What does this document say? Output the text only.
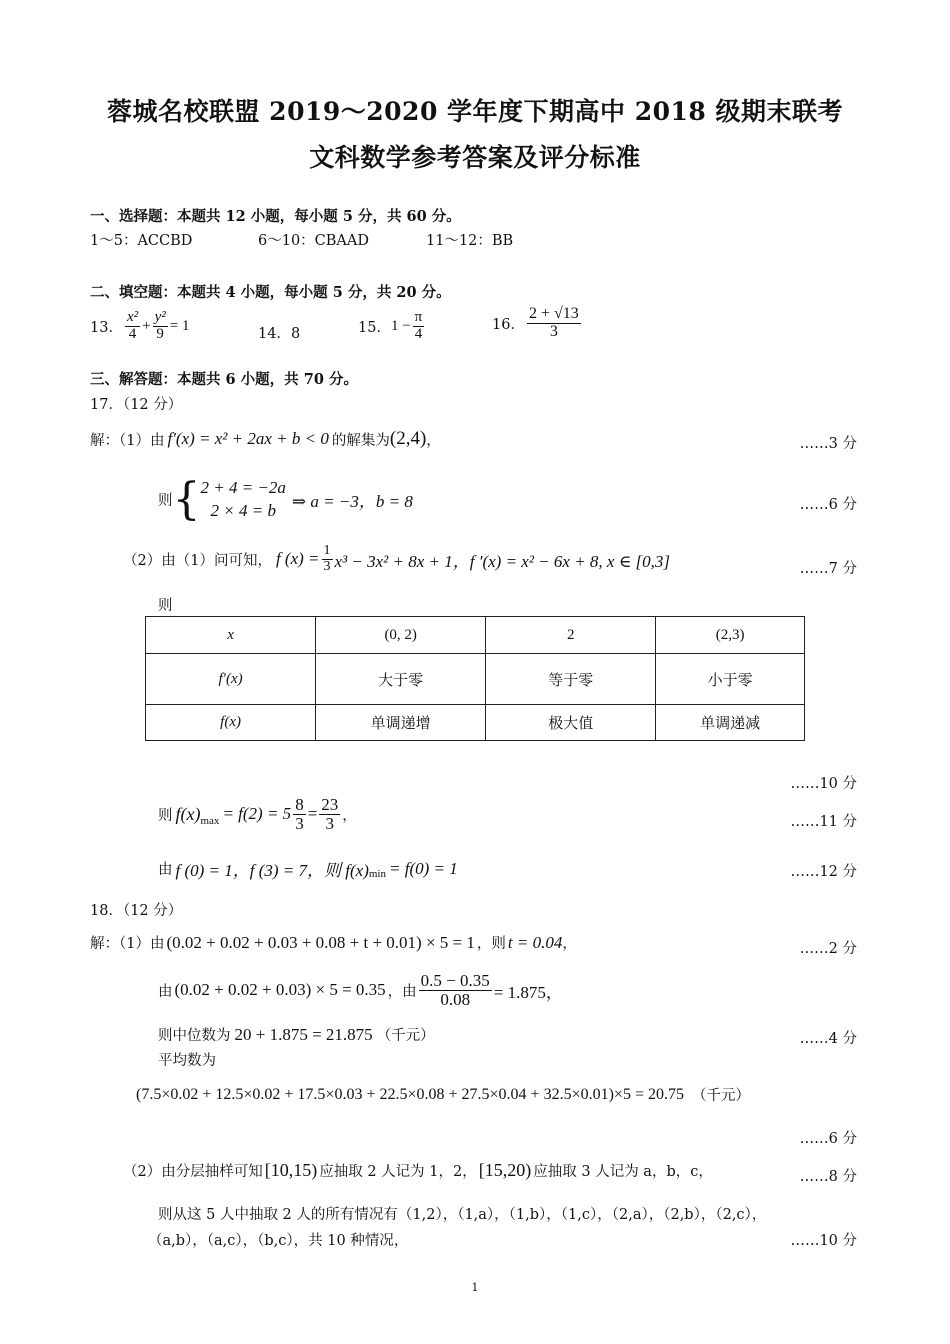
蓉城名校联盟 2019～2020 学年度下期高中 2018 级期末联考
文科数学参考答案及评分标准
一、选择题：本题共 12 小题，每小题 5 分，共 60 分。
1～5：ACCBD	6～10：CBAAD	11～12：BB
二、填空题：本题共 4 小题，每小题 5 分，共 20 分。
13． $\frac{\text{x²}}{4} + \frac{\text{y²}}{9} = 1$
14．8	15． $1 - \frac{\pi}{4}$	16． $\frac{2 + √13}{3}$
三、解答题：本题共 6 小题，共 70 分。
17．（12 分）
解：（1）由 f′(x) = x² + 2ax + b < 0 的解集为 (2,4) ，	……3 分
则 { 2 + 4 = −2a
2 × 4 = b ⇒ a = −3，b = 8	……6 分
（2）由（1）问可知， f $(x) = \frac{1}{3} x^3 - 3x^2 + 8x + 1$，f ′(x) = x² − 6x + 8, x ∈ [0,3]	……7 分
则
x	(0, 2)	2	(2,3)
f′(x)	大于零	等于零	小于零
f(x)	单调递增	极大值	单调递减
……10 分
则 f(x) $\max = f(2) = 5 \frac{8}{3} = \frac{23}{3}$ ，	……11 分
由 f (0) = 1，f (3) = 7，则 f(x) min = f(0) = 1	……12 分
18．（12 分）
解：（1）由 (0.02 + 0.02 + 0.03 + 0.08 + t + 0.01) × 5 = 1 ，则 t = 0.04 ，	……2 分
由 (0.02 + 0.02 + 0.03) × 5 = 0.35 ，由 $\frac{0.5 - 0.35}{0.08} = 1.875$，
则中位数为 20 + 1.875 = 21.875 （千元）	……4 分
平均数为
(7.5×0.02 + 12.5×0.02 + 17.5×0.03 + 22.5×0.08 + 27.5×0.04 + 32.5×0.01)×5 = 20.75 （千元）
……6 分
（2）由分层抽样可知 [10,15) 应抽取 2 人记为 1，2， [15,20) 应抽取 3 人记为 a，b，c，	……8 分
则从这 5 人中抽取 2 人的所有情况有（1,2），（1,a），（1,b），（1,c），（2,a），（2,b），（2,c），
（a,b），（a,c），（b,c），共 10 种情况，	……10 分
1
